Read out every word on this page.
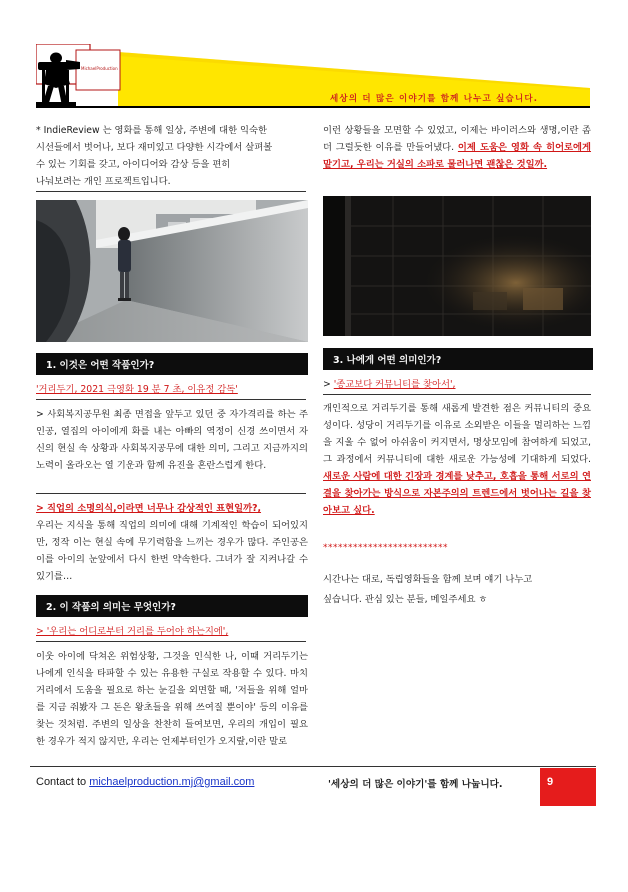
MichaelProduction
세상의 더 많은 이야기를 함께 나누고 싶습니다.
* IndieReview 는 영화를 통해 일상, 주변에 대한 익숙한
시선들에서 벗어나, 보다 재미있고 다양한 시각에서 살펴볼
수 있는 기회를 갖고, 아이디어와 감상 등을 편히
나눠보려는 개인 프로젝트입니다.
1. 이것은 어떤 작품인가?
'거리두기, 2021 극영화 19 분 7 초, 이유정 감독'

> 사회복지공무원 최종 면접을 앞두고 있던 중 자가격리를 하는 주인공, 열집의 아이에게 화를 내는 아빠의 역정이 신경 쓰이면서 자신의 현실 속 상황과 사회복지공무에 대한 의미, 그리고 지금까지의 노력이 올라오는 열 기운과 함께 유진을 혼란스럽게 한다.

> 직업의 소명의식,이라면 너무나 감상적인 표현일까?,

우리는 지식을 통해 직업의 의미에 대해 기계적인 학습이 되어있지만, 정작 이는 현실 속에 무기력함을 느끼는 경우가 많다. 주인공은 이를 아이의 눈앞에서 다시 한번 약속한다. 그녀가 잘 지켜나갈 수 있기를…

2. 이 작품의 의미는 무엇인가?
> '우리는 어디로부터 거리를 두어야 하는지에',

이웃 아이에 닥쳐온 위험상황, 그것을 인식한 나, 이때 거리두기는 나에게 인식을 타파할 수 있는 유용한 구실로 작용할 수 있다. 마치 거리에서 도움을 필요로 하는 눈길을 외면할 때, '저들을 위해 얼마를 지금 줘봤자 그 돈은 왕초들을 위해 쓰여질 뿐이야' 등의 이유를 찾는 것처럼. 주변의 일상을 찬찬히 들여보면, 우리의 개입이 필요한 경우가 적지 않지만, 우리는 언제부터인가 오지랖,이란 말로

이런 상황들을 모면할 수 있었고, 이제는 바이러스와 생명,이란 좀 더 그럴듯한 이유를 만들어냈다. 이제 도움은 영화 속 히어로에게 맡기고, 우리는 거실의 소파로 물러나면 괜찮은 것일까.

3. 나에게 어떤 의미인가?
> '종교보다 커뮤니티를 찾아서',

개인적으로 거리두기를 통해 새롭게 발견한 점은 커뮤니티의 중요성이다. 성당이 거리두기를 이유로 소외받은 이들을 멀리하는 느낌을 지울 수 없어 아쉬움이 커지면서, 명상모임에 참여하게 되었고, 그 과정에서 커뮤니티에 대한 새로운 가능성에 기대하게 되었다. 새로운 사람에 대한 긴장과 경계를 낮추고, 호흡을 통해 서로의 연결을 찾아가는 방식으로 자본주의의 트렌드에서 벗어나는 길을 찾아보고 싶다.

*************************
시간나는 대로, 독립영화들을 함께 보며 얘기 나누고
싶습니다. 관심 있는 분들, 메일주세요 ㅎ
Contact to michaelproduction.mj@gmail.com	'세상의 더 많은 이야기'를 함께 나눕니다.	9
